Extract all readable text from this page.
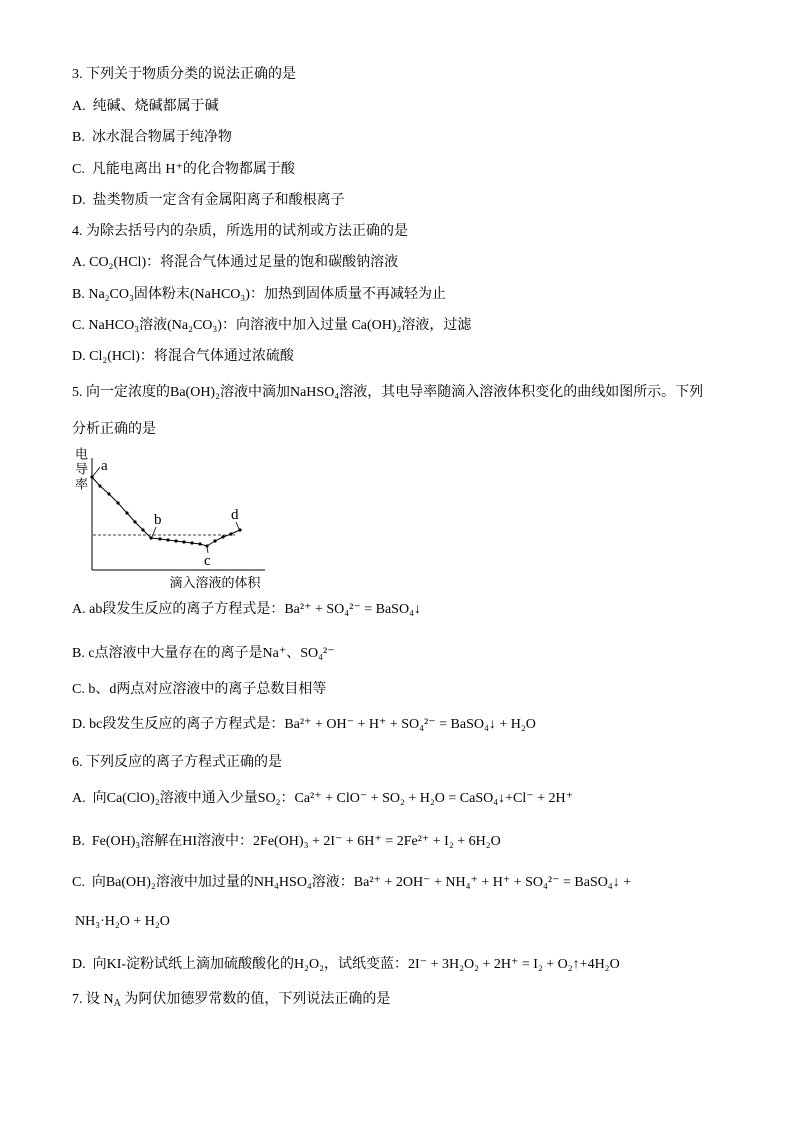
3. 下列关于物质分类的说法正确的是
A.  纯碱、烧碱都属于碱
B.  冰水混合物属于纯净物
C.  凡能电离出 H⁺的化合物都属于酸
D.  盐类物质一定含有金属阳离子和酸根离子
4. 为除去括号内的杂质，所选用的试剂或方法正确的是
A. CO₂(HCl)：将混合气体通过足量的饱和碳酸钠溶液
B. Na₂CO₃固体粉末(NaHCO₃)：加热到固体质量不再减轻为止
C. NaHCO₃溶液(Na₂CO₃)：向溶液中加入过量 Ca(OH)₂溶液，过滤
D. Cl₂(HCl)：将混合气体通过浓硫酸
5. 向一定浓度的Ba(OH)₂溶液中滴加NaHSO₄溶液，其电导率随滴入溶液体积变化的曲线如图所示。下列
分析正确的是
电导率 a
b
c
d
滴入溶液的体积
A. ab段发生反应的离子方程式是：Ba²⁺ + SO₄²⁻ = BaSO₄↓
B. c点溶液中大量存在的离子是Na⁺、SO₄²⁻
C. b、d两点对应溶液中的离子总数目相等
D. bc段发生反应的离子方程式是：Ba²⁺ + OH⁻ + H⁺ + SO₄²⁻ = BaSO₄↓ + H₂O
6. 下列反应的离子方程式正确的是
A.  向Ca(ClO)₂溶液中通入少量SO₂：Ca²⁺ + ClO⁻ + SO₂ + H₂O = CaSO₄↓+Cl⁻ + 2H⁺
B.  Fe(OH)₃溶解在HI溶液中：2Fe(OH)₃ + 2I⁻ + 6H⁺ = 2Fe²⁺ + I₂ + 6H₂O
C.  向Ba(OH)₂溶液中加过量的NH₄HSO₄溶液：Ba²⁺ + 2OH⁻ + NH₄⁺ + H⁺ + SO₄²⁻ = BaSO₄↓ +
NH₃·H₂O + H₂O
D.  向KI-淀粉试纸上滴加硫酸酸化的H₂O₂，试纸变蓝：2I⁻ + 3H₂O₂ + 2H⁺ = I₂ + O₂↑+4H₂O
7. 设 $N_A$ 为阿伏加德罗常数的值，下列说法正确的是
